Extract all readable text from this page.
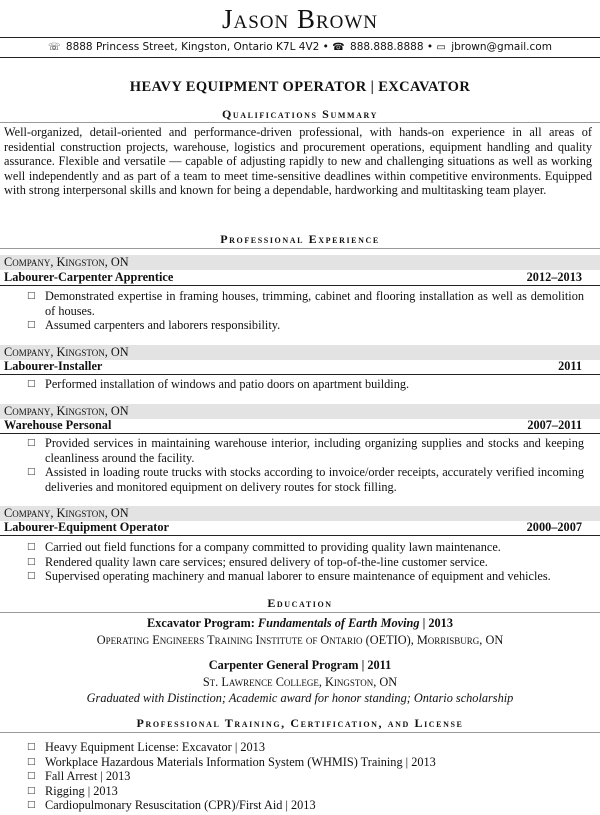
Jason Brown
☏ 8888 Princess Street, Kingston, Ontario K7L 4V2 • ☎ 888.888.8888 • ▭ jbrown@gmail.com
HEAVY EQUIPMENT OPERATOR | EXCAVATOR
Qualifications Summary
Well-organized, detail-oriented and performance-driven professional, with hands-on experience in all areas of residential construction projects, warehouse, logistics and procurement operations, equipment handling and quality assurance. Flexible and versatile — capable of adjusting rapidly to new and challenging situations as well as working well independently and as part of a team to meet time-sensitive deadlines within competitive environments. Equipped with strong interpersonal skills and known for being a dependable, hardworking and multitasking team player.
Professional Experience
Company, Kingston, ON
Labourer-Carpenter Apprentice	2012–2013
□ Demonstrated expertise in framing houses, trimming, cabinet and flooring installation as well as demolition of houses.
□ Assumed carpenters and laborers responsibility.
Company, Kingston, ON
Labourer-Installer	2011
□ Performed installation of windows and patio doors on apartment building.
Company, Kingston, ON
Warehouse Personal	2007–2011
□ Provided services in maintaining warehouse interior, including organizing supplies and stocks and keeping cleanliness around the facility.
□ Assisted in loading route trucks with stocks according to invoice/order receipts, accurately verified incoming deliveries and monitored equipment on delivery routes for stock filling.
Company, Kingston, ON
Labourer-Equipment Operator	2000–2007
□ Carried out field functions for a company committed to providing quality lawn maintenance.
□ Rendered quality lawn care services; ensured delivery of top-of-the-line customer service.
□ Supervised operating machinery and manual laborer to ensure maintenance of equipment and vehicles.
Education
Excavator Program: Fundamentals of Earth Moving | 2013
Operating Engineers Training Institute of Ontario (OETIO), Morrisburg, ON
Carpenter General Program | 2011
St. Lawrence College, Kingston, ON
Graduated with Distinction; Academic award for honor standing; Ontario scholarship
Professional Training, Certification, and License
□ Heavy Equipment License: Excavator | 2013
□ Workplace Hazardous Materials Information System (WHMIS) Training | 2013
□ Fall Arrest | 2013
□ Rigging | 2013
□ Cardiopulmonary Resuscitation (CPR)/First Aid | 2013
